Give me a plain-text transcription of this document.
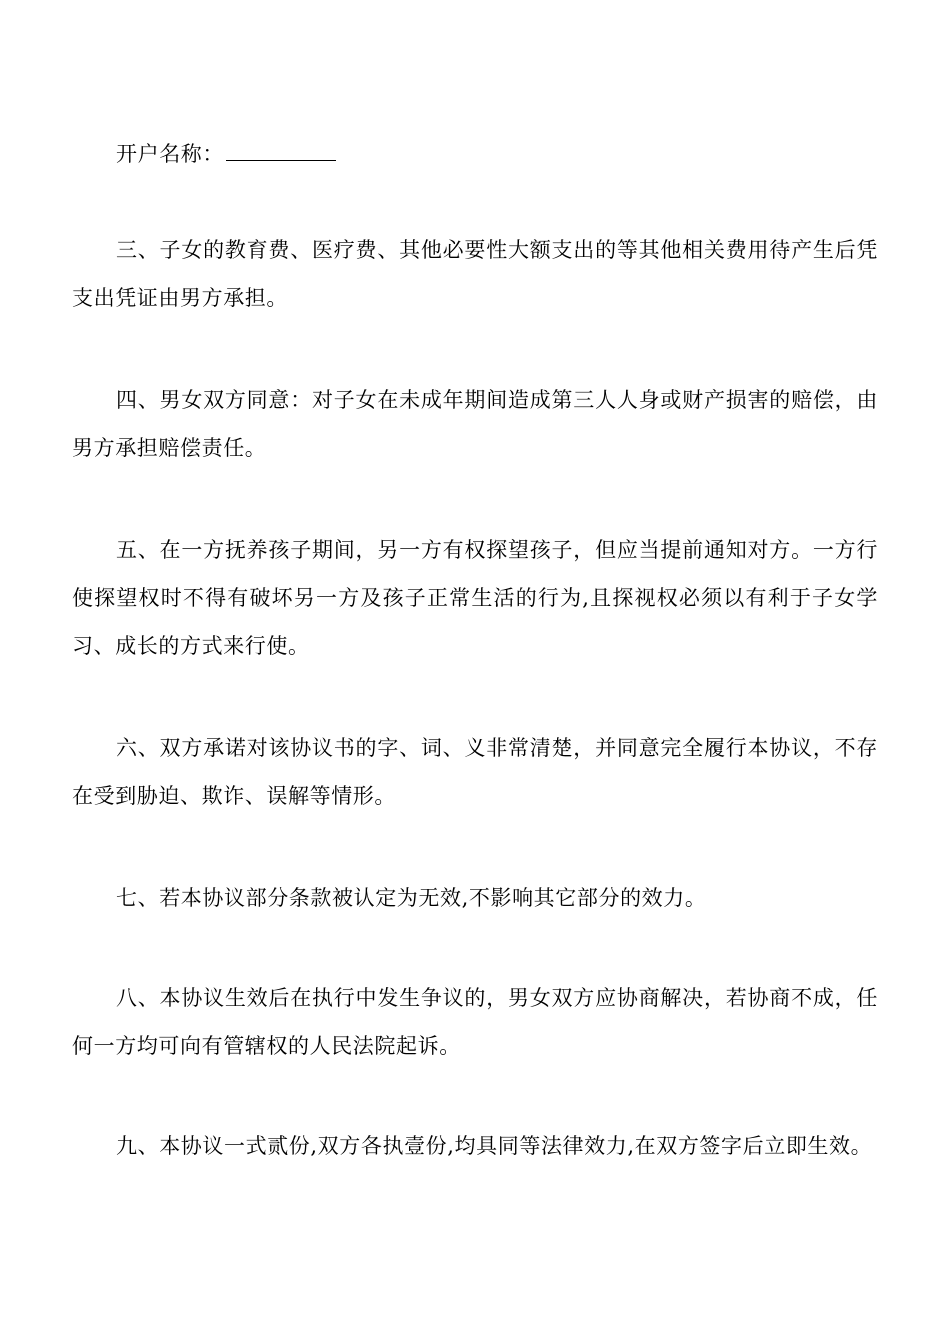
开户名称：

三、子女的教育费、医疗费、其他必要性大额支出的等其他相关费用待产生后凭支出凭证由男方承担。

四、男女双方同意：对子女在未成年期间造成第三人人身或财产损害的赔偿，由男方承担赔偿责任。

五、在一方抚养孩子期间，另一方有权探望孩子，但应当提前通知对方。一方行使探望权时不得有破坏另一方及孩子正常生活的行为,且探视权必须以有利于子女学习、成长的方式来行使。

六、双方承诺对该协议书的字、词、义非常清楚，并同意完全履行本协议，不存在受到胁迫、欺诈、误解等情形。

七、若本协议部分条款被认定为无效,不影响其它部分的效力。

八、本协议生效后在执行中发生争议的，男女双方应协商解决，若协商不成，任何一方均可向有管辖权的人民法院起诉。

九、本协议一式贰份,双方各执壹份,均具同等法律效力,在双方签字后立即生效。
